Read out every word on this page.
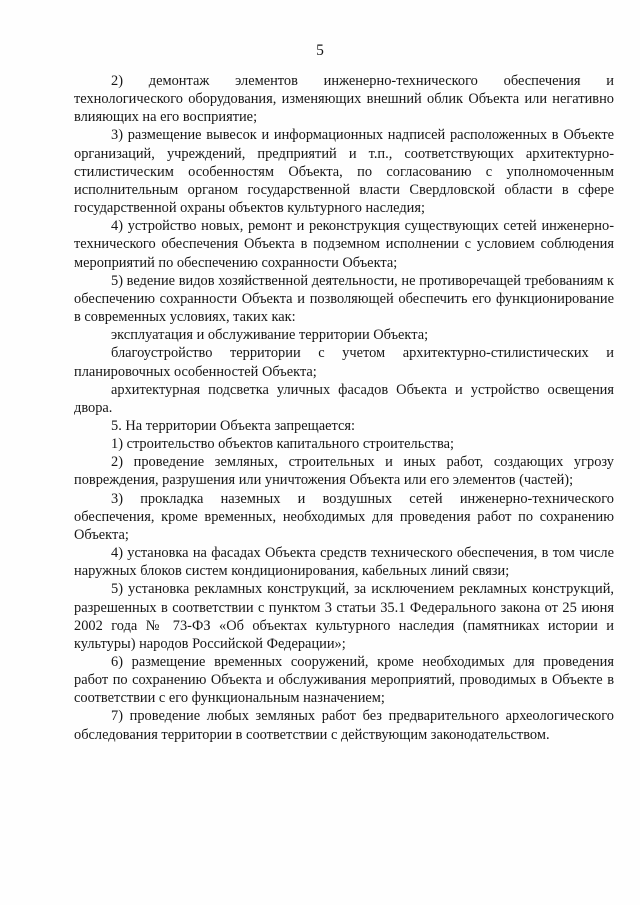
5

2) демонтаж элементов инженерно-технического обеспечения и технологического оборудования, изменяющих внешний облик Объекта или негативно влияющих на его восприятие;

3) размещение вывесок и информационных надписей расположенных в Объекте организаций, учреждений, предприятий и т.п., соответствующих архитектурно-стилистическим особенностям Объекта, по согласованию с уполномоченным исполнительным органом государственной власти Свердловской области в сфере государственной охраны объектов культурного наследия;

4) устройство новых, ремонт и реконструкция существующих сетей инженерно-технического обеспечения Объекта в подземном исполнении с условием соблюдения мероприятий по обеспечению сохранности Объекта;

5) ведение видов хозяйственной деятельности, не противоречащей требованиям к обеспечению сохранности Объекта и позволяющей обеспечить его функционирование в современных условиях, таких как:

эксплуатация и обслуживание территории Объекта;

благоустройство территории с учетом архитектурно-стилистических и планировочных особенностей Объекта;

архитектурная подсветка уличных фасадов Объекта и устройство освещения двора.

5. На территории Объекта запрещается:

1) строительство объектов капитального строительства;

2) проведение земляных, строительных и иных работ, создающих угрозу повреждения, разрушения или уничтожения Объекта или его элементов (частей);

3) прокладка наземных и воздушных сетей инженерно-технического обеспечения, кроме временных, необходимых для проведения работ по сохранению Объекта;

4) установка на фасадах Объекта средств технического обеспечения, в том числе наружных блоков систем кондиционирования, кабельных линий связи;

5) установка рекламных конструкций, за исключением рекламных конструкций, разрешенных в соответствии с пунктом 3 статьи 35.1 Федерального закона от 25 июня 2002 года № 73-ФЗ «Об объектах культурного наследия (памятниках истории и культуры) народов Российской Федерации»;

6) размещение временных сооружений, кроме необходимых для проведения работ по сохранению Объекта и обслуживания мероприятий, проводимых в Объекте в соответствии с его функциональным назначением;

7) проведение любых земляных работ без предварительного археологического обследования территории в соответствии с действующим законодательством.
